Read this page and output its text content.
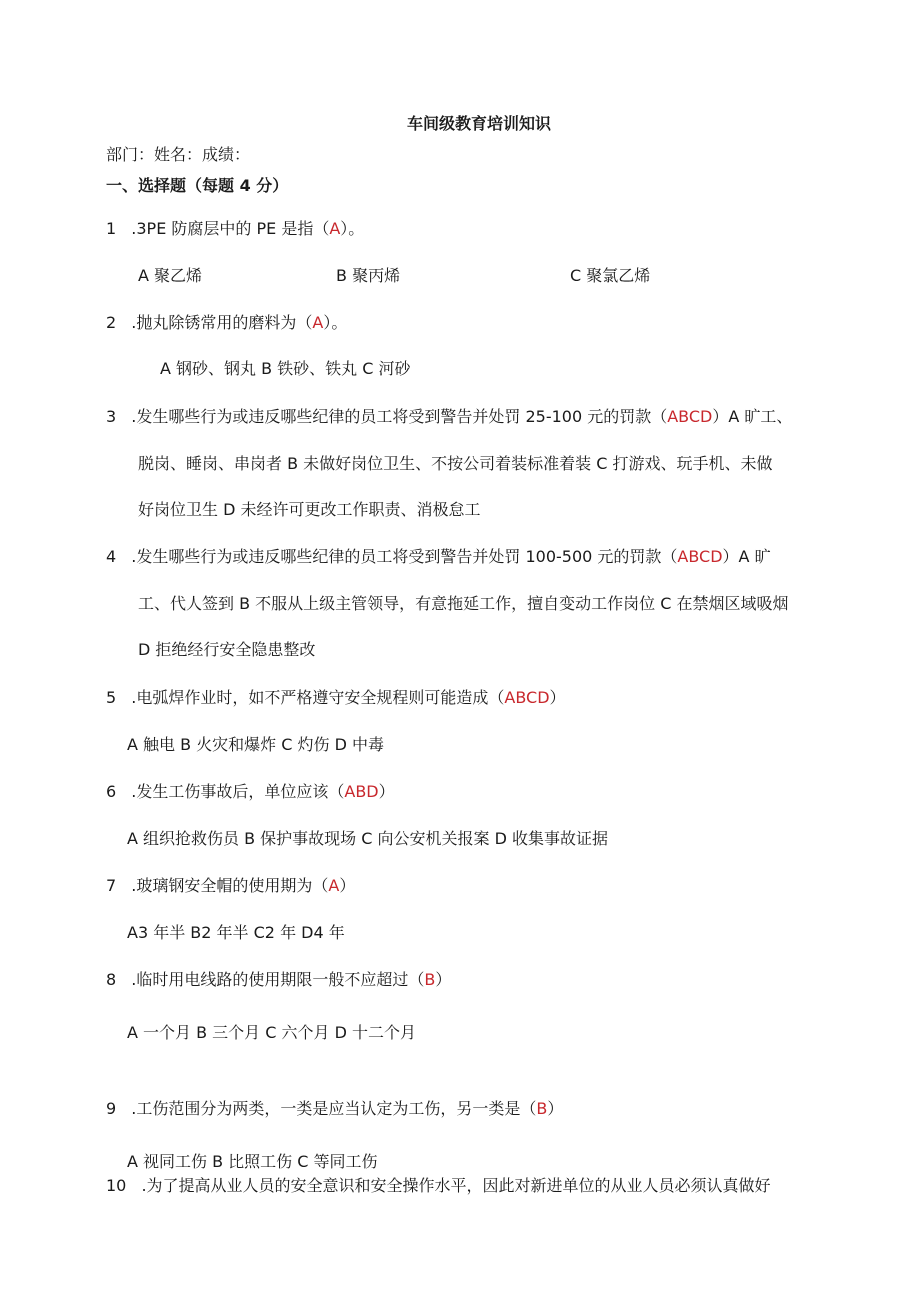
车间级教育培训知识
部门：姓名：成绩：
一、选择题（每题 4 分）
1 .3PE 防腐层中的 PE 是指（A）。
A 聚乙烯	B 聚丙烯	C 聚氯乙烯
2 .抛丸除锈常用的磨料为（A）。
A 钢砂、钢丸 B 铁砂、铁丸 C 河砂
3 .发生哪些行为或违反哪些纪律的员工将受到警告并处罚 25-100 元的罚款（ABCD）A 旷工、
脱岗、睡岗、串岗者 B 未做好岗位卫生、不按公司着装标准着装 C 打游戏、玩手机、未做
好岗位卫生 D 未经许可更改工作职责、消极怠工
4 .发生哪些行为或违反哪些纪律的员工将受到警告并处罚 100-500 元的罚款（ABCD）A 旷
工、代人签到 B 不服从上级主管领导，有意拖延工作，擅自变动工作岗位 C 在禁烟区域吸烟
D 拒绝经行安全隐患整改
5 .电弧焊作业时，如不严格遵守安全规程则可能造成（ABCD）
A 触电 B 火灾和爆炸 C 灼伤 D 中毒
6 .发生工伤事故后，单位应该（ABD）
A 组织抢救伤员 B 保护事故现场 C 向公安机关报案 D 收集事故证据
7 .玻璃钢安全帽的使用期为（A）
A3 年半 B2 年半 C2 年 D4 年
8 .临时用电线路的使用期限一般不应超过（B）
A 一个月 B 三个月 C 六个月 D 十二个月
9 .工伤范围分为两类，一类是应当认定为工伤，另一类是（B）
A 视同工伤 B 比照工伤 C 等同工伤
10 .为了提高从业人员的安全意识和安全操作水平，因此对新进单位的从业人员必须认真做好
